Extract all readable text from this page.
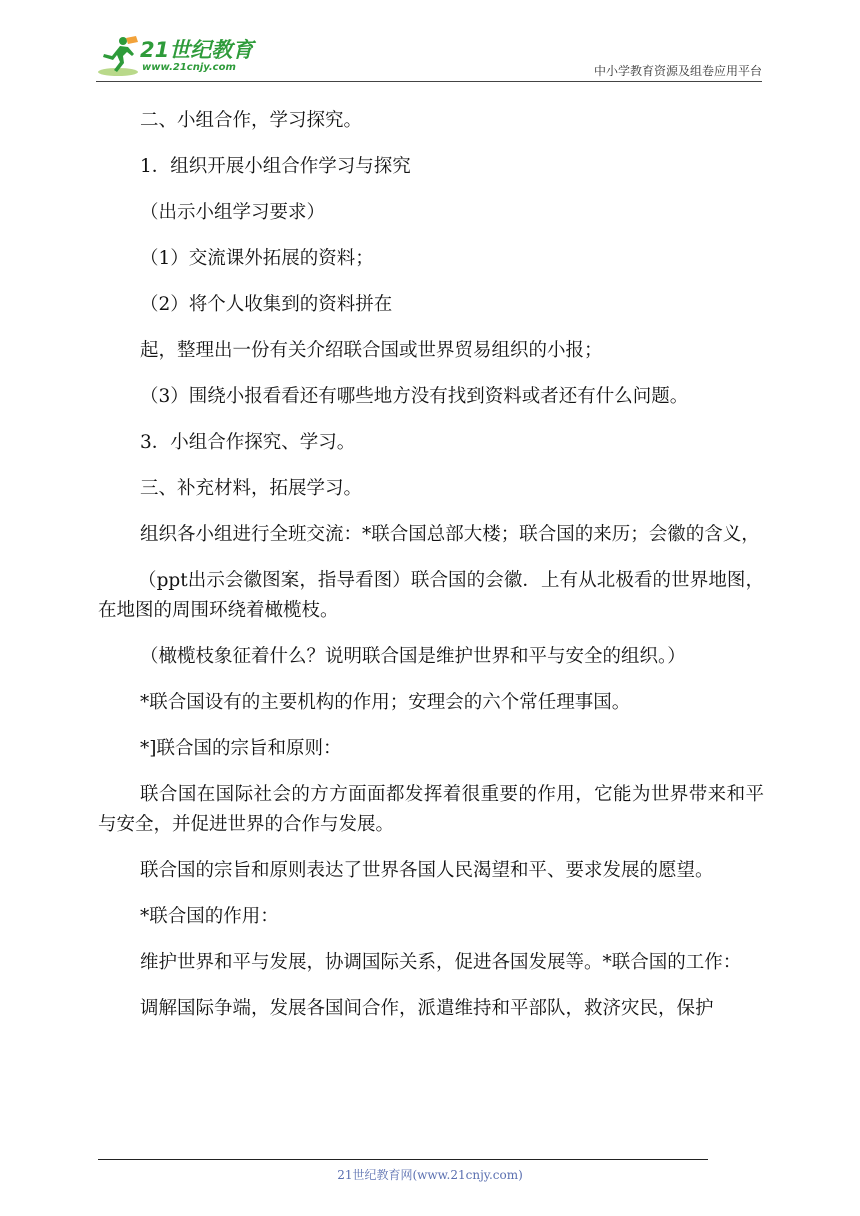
21世纪教育
www.21cnjy.com	中小学教育资源及组卷应用平台

二、小组合作，学习探究。

1．组织开展小组合作学习与探究

（出示小组学习要求）

（1）交流课外拓展的资料；

（2）将个人收集到的资料拼在

起，整理出一份有关介绍联合国或世界贸易组织的小报；

（3）围绕小报看看还有哪些地方没有找到资料或者还有什么问题。

3．小组合作探究、学习。

三、补充材料，拓展学习。

组织各小组进行全班交流：*联合国总部大楼；联合国的来历；会徽的含义，

（ppt出示会徽图案，指导看图）联合国的会徽．上有从北极看的世界地图，在地图的周围环绕着橄榄枝。

（橄榄枝象征着什么？说明联合国是维护世界和平与安全的组织。）

*联合国设有的主要机构的作用；安理会的六个常任理事国。

*]联合国的宗旨和原则：

联合国在国际社会的方方面面都发挥着很重要的作用，它能为世界带来和平与安全，并促进世界的合作与发展。

联合国的宗旨和原则表达了世界各国人民渴望和平、要求发展的愿望。

*联合国的作用：

维护世界和平与发展，协调国际关系，促进各国发展等。*联合国的工作：

调解国际争端，发展各国间合作，派遣维持和平部队，救济灾民，保护

21世纪教育网(www.21cnjy.com)
